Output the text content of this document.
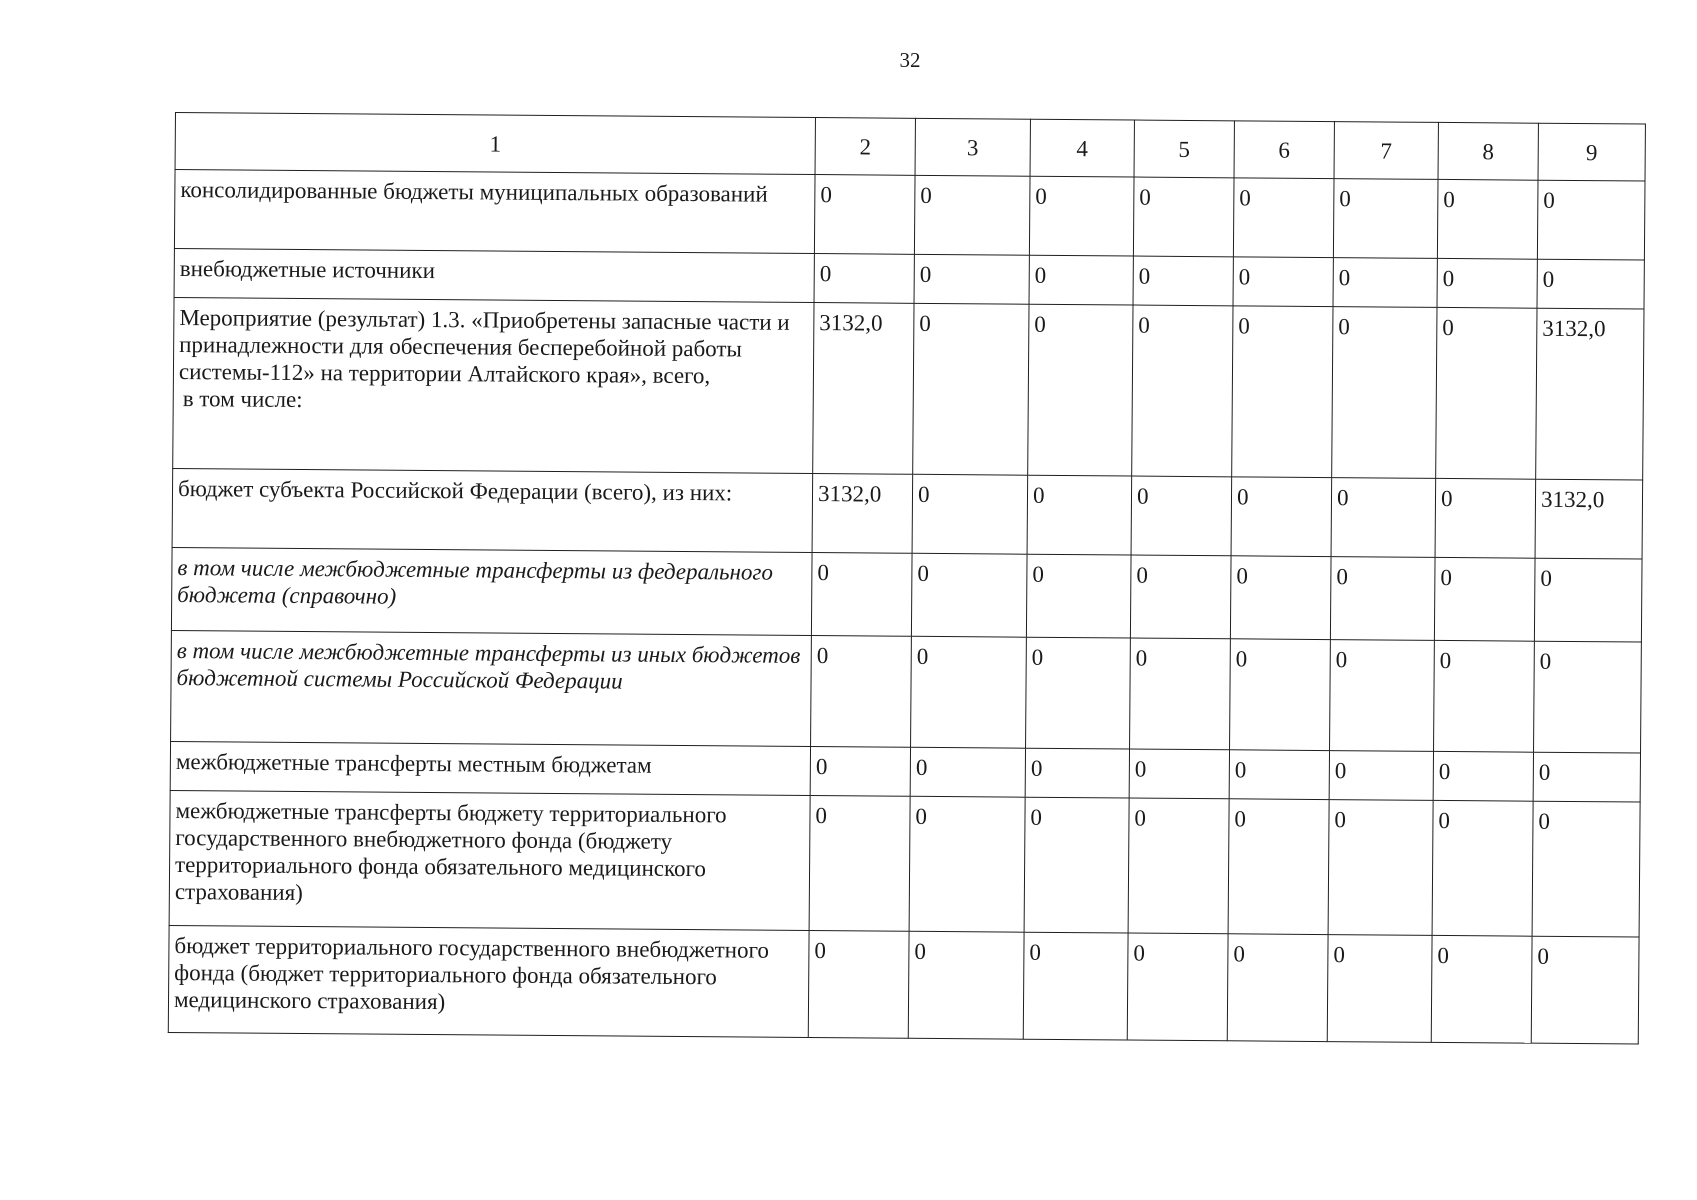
32
1	2	3	4	5	6	7	8	9
консолидированные бюджеты муниципальных образований	0	0	0	0	0	0	0	0
внебюджетные источники	0	0	0	0	0	0	0	0
Мероприятие (результат) 1.3. «Приобретены запасные части и принадлежности для обеспечения бесперебойной работы системы-112» на территории Алтайского края», всего,
в том числе:	3132,0	0	0	0	0	0	0	3132,0
бюджет субъекта Российской Федерации (всего), из них:	3132,0	0	0	0	0	0	0	3132,0
в том числе межбюджетные трансферты из федерального бюджета (справочно)	0	0	0	0	0	0	0	0
в том числе межбюджетные трансферты из иных бюджетов бюджетной системы Российской Федерации	0	0	0	0	0	0	0	0
межбюджетные трансферты местным бюджетам	0	0	0	0	0	0	0	0
межбюджетные трансферты бюджету территориального государственного внебюджетного фонда (бюджету территориального фонда обязательного медицинского страхования)	0	0	0	0	0	0	0	0
бюджет территориального государственного внебюджетного фонда (бюджет территориального фонда обязательного медицинского страхования)	0	0	0	0	0	0	0	0
